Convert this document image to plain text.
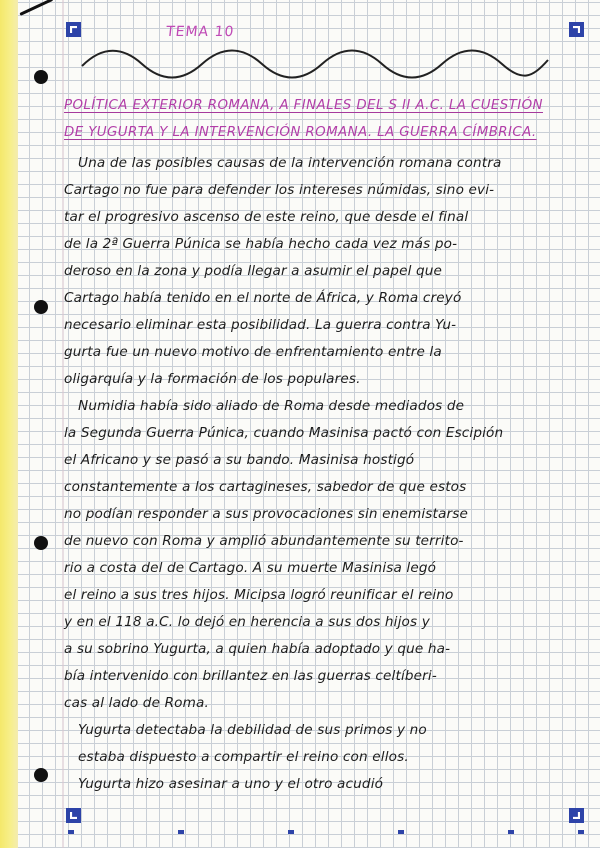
TEMA 10
POLÍTICA EXTERIOR ROMANA, A FINALES DEL S II A.C. LA CUESTIÓN
DE YUGURTA Y LA INTERVENCIÓN ROMANA. LA GUERRA CÍMBRICA.
Una de las posibles causas de la intervención romana contra
Cartago no fue para defender los intereses númidas, sino evi-
tar el progresivo ascenso de este reino, que desde el final
de la 2ª Guerra Púnica se había hecho cada vez más po-
deroso en la zona y podía llegar a asumir el papel que
Cartago había tenido en el norte de África, y Roma creyó
necesario eliminar esta posibilidad. La guerra contra Yu-
gurta fue un nuevo motivo de enfrentamiento entre la
oligarquía y la formación de los populares.
Numidia había sido aliado de Roma desde mediados de
la Segunda Guerra Púnica, cuando Masinisa pactó con Escipión
el Africano y se pasó a su bando. Masinisa hostigó
constantemente a los cartagineses, sabedor de que estos
no podían responder a sus provocaciones sin enemistarse
de nuevo con Roma y amplió abundantemente su territo-
rio a costa del de Cartago. A su muerte Masinisa legó
el reino a sus tres hijos. Micipsa logró reunificar el reino
y en el 118 a.C. lo dejó en herencia a sus dos hijos y
a su sobrino Yugurta, a quien había adoptado y que ha-
bía intervenido con brillantez en las guerras celtíberi-
cas al lado de Roma.
Yugurta detectaba la debilidad de sus primos y no
estaba dispuesto a compartir el reino con ellos.
Yugurta hizo asesinar a uno y el otro acudió
